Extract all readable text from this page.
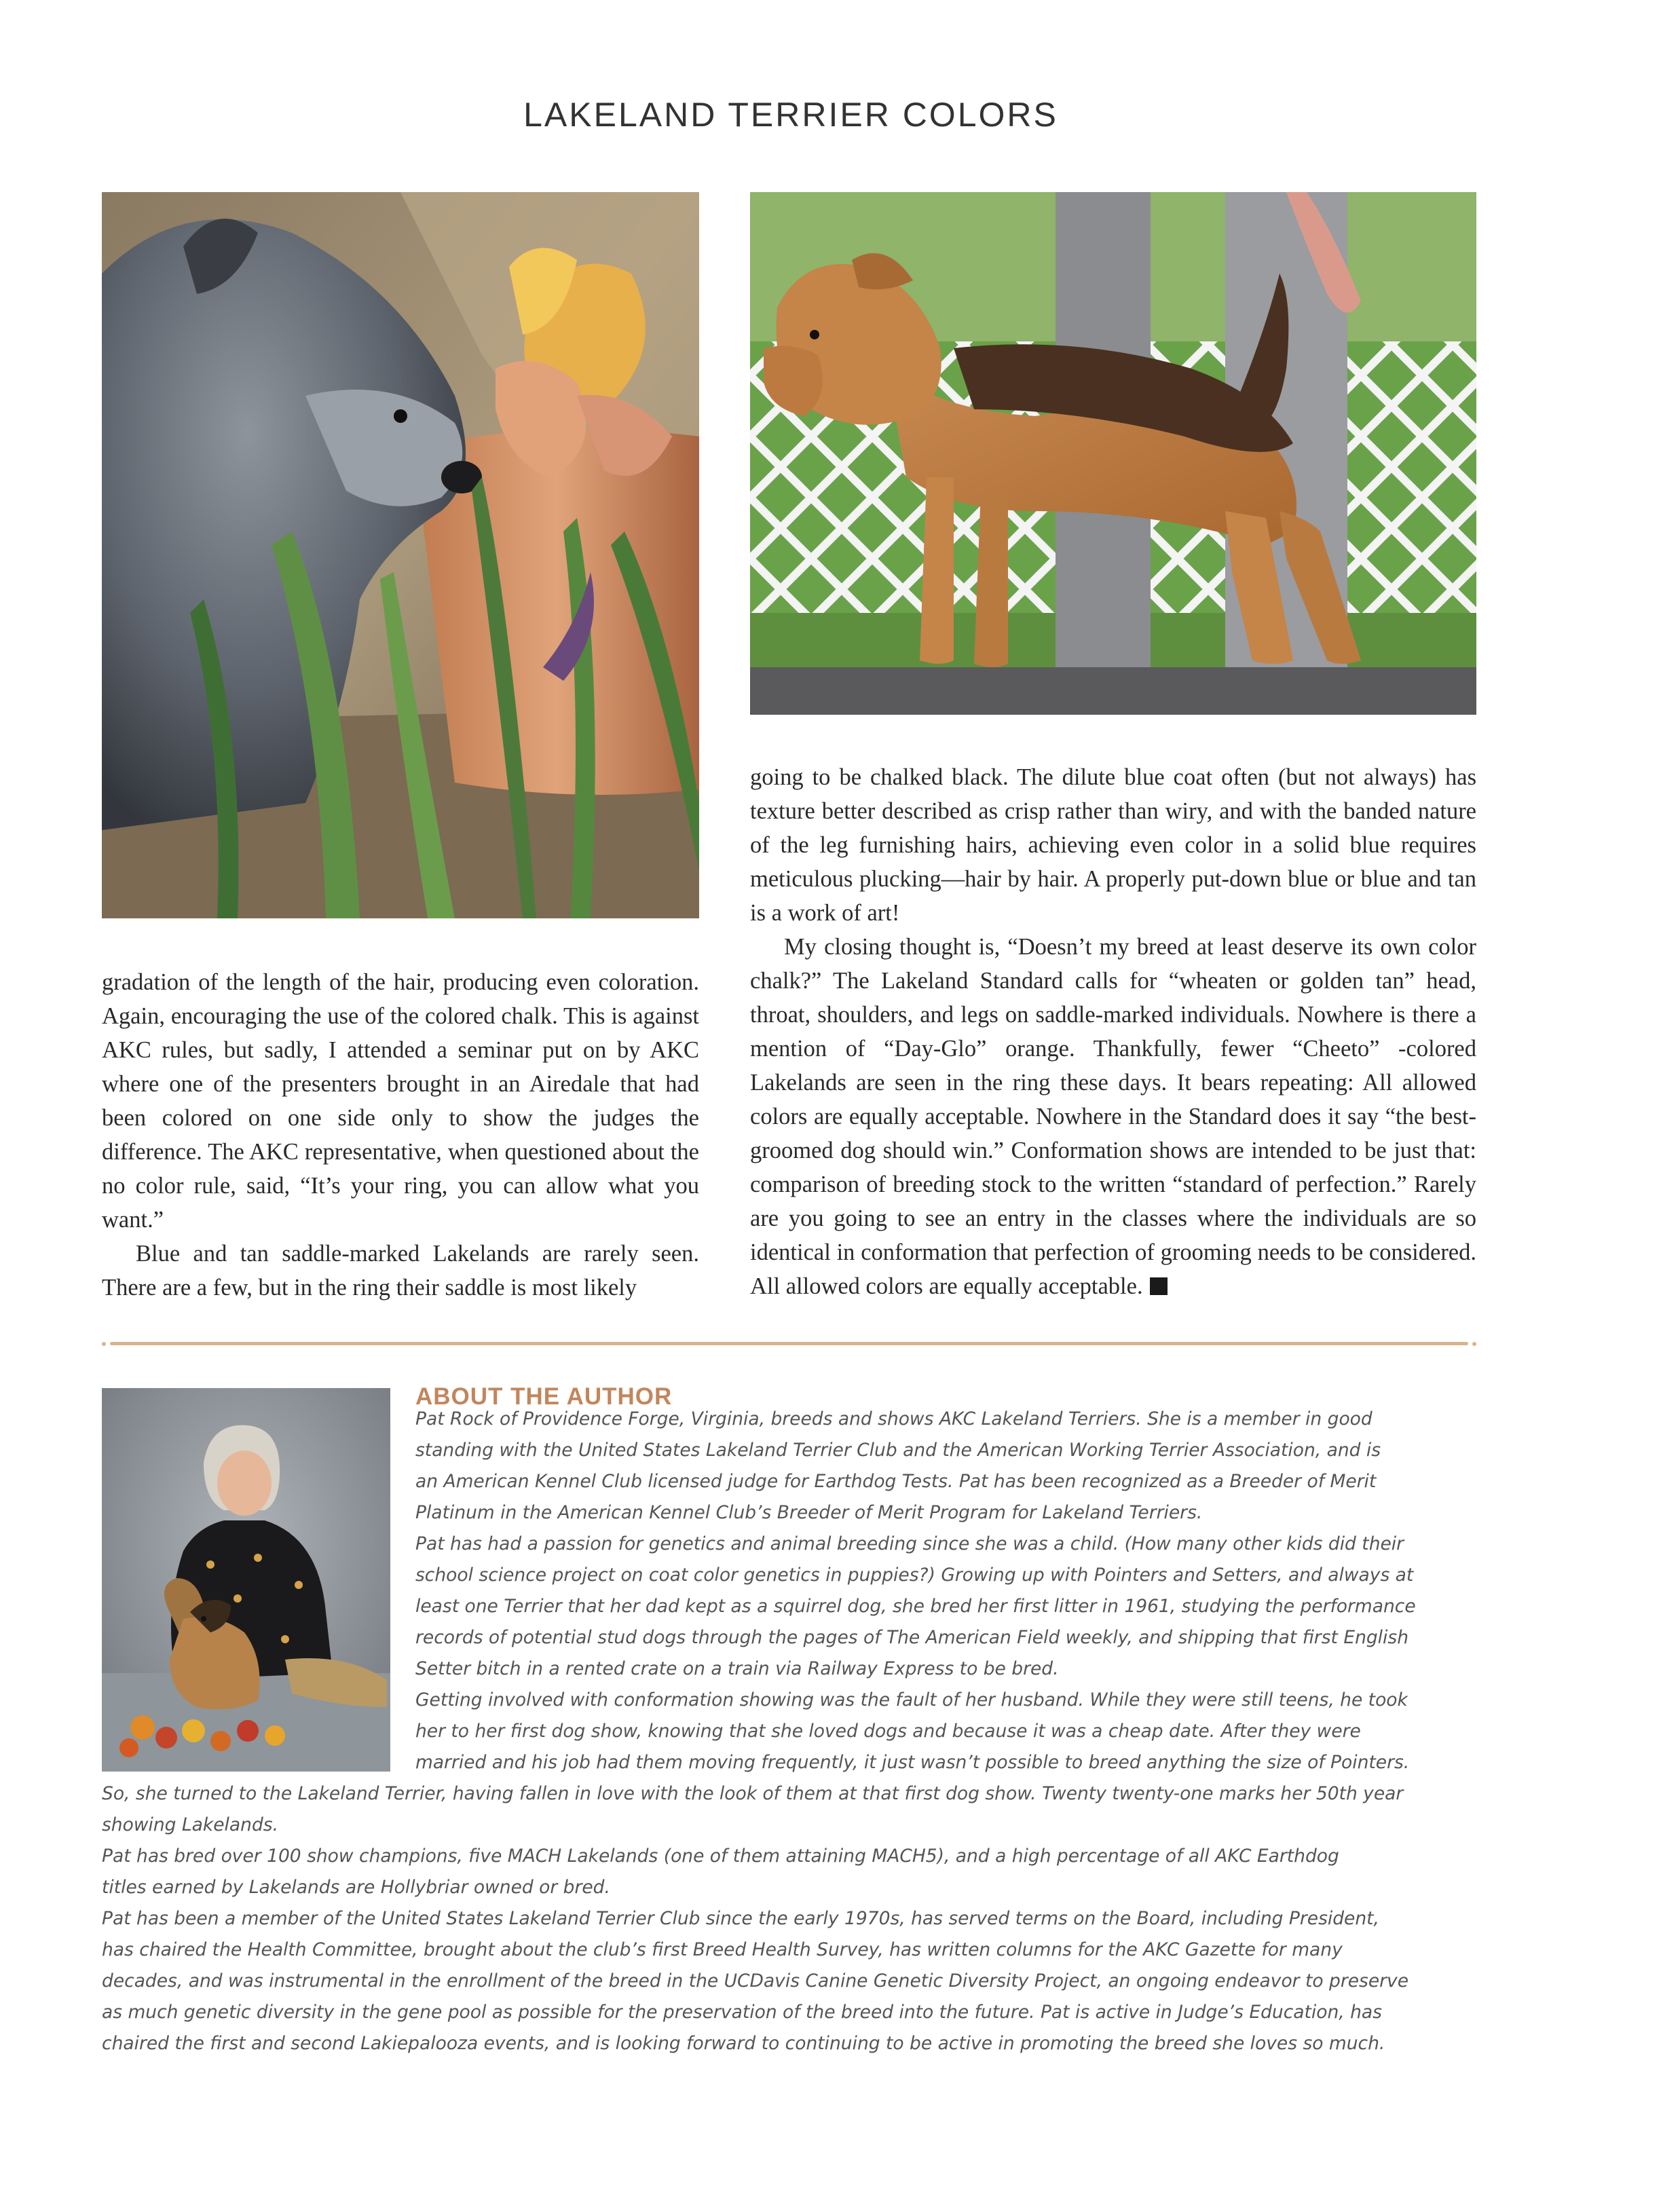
LAKELAND TERRIER COLORS

gradation of the length of the hair, producing even coloration. Again, encouraging the use of the colored chalk. This is against AKC rules, but sadly, I attended a seminar put on by AKC where one of the presenters brought in an Airedale that had been colored on one side only to show the judges the difference. The AKC representative, when questioned about the no color rule, said, “It’s your ring, you can allow what you want.”

Blue and tan saddle-marked Lakelands are rarely seen. There are a few, but in the ring their saddle is most likely

going to be chalked black. The dilute blue coat often (but not always) has texture better described as crisp rather than wiry, and with the banded nature of the leg furnishing hairs, achieving even color in a solid blue requires meticulous plucking—hair by hair. A properly put-down blue or blue and tan is a work of art!

My closing thought is, “Doesn’t my breed at least deserve its own color chalk?” The Lakeland Standard calls for “wheaten or golden tan” head, throat, shoulders, and legs on saddle-marked individuals. Nowhere is there a mention of “Day-Glo” orange. Thankfully, fewer “Cheeto” -colored Lakelands are seen in the ring these days. It bears repeating: All allowed colors are equally acceptable. Nowhere in the Standard does it say “the best-groomed dog should win.” Conformation shows are intended to be just that: comparison of breeding stock to the written “standard of perfection.” Rarely are you going to see an entry in the classes where the individuals are so identical in conformation that perfection of grooming needs to be considered. All allowed colors are equally acceptable.

ABOUT THE AUTHOR
Pat Rock of Providence Forge, Virginia, breeds and shows AKC Lakeland Terriers. She is a member in good
standing with the United States Lakeland Terrier Club and the American Working Terrier Association, and is
an American Kennel Club licensed judge for Earthdog Tests. Pat has been recognized as a Breeder of Merit
Platinum in the American Kennel Club’s Breeder of Merit Program for Lakeland Terriers.
Pat has had a passion for genetics and animal breeding since she was a child. (How many other kids did their
school science project on coat color genetics in puppies?) Growing up with Pointers and Setters, and always at
least one Terrier that her dad kept as a squirrel dog, she bred her first litter in 1961, studying the performance
records of potential stud dogs through the pages of The American Field weekly, and shipping that first English
Setter bitch in a rented crate on a train via Railway Express to be bred.
Getting involved with conformation showing was the fault of her husband. While they were still teens, he took
her to her first dog show, knowing that she loved dogs and because it was a cheap date. After they were
married and his job had them moving frequently, it just wasn’t possible to breed anything the size of Pointers.
So, she turned to the Lakeland Terrier, having fallen in love with the look of them at that first dog show. Twenty twenty-one marks her 50th year
showing Lakelands.
Pat has bred over 100 show champions, five MACH Lakelands (one of them attaining MACH5), and a high percentage of all AKC Earthdog
titles earned by Lakelands are Hollybriar owned or bred.
Pat has been a member of the United States Lakeland Terrier Club since the early 1970s, has served terms on the Board, including President,
has chaired the Health Committee, brought about the club’s first Breed Health Survey, has written columns for the AKC Gazette for many
decades, and was instrumental in the enrollment of the breed in the UCDavis Canine Genetic Diversity Project, an ongoing endeavor to preserve
as much genetic diversity in the gene pool as possible for the preservation of the breed into the future. Pat is active in Judge’s Education, has
chaired the first and second Lakiepalooza events, and is looking forward to continuing to be active in promoting the breed she loves so much.
